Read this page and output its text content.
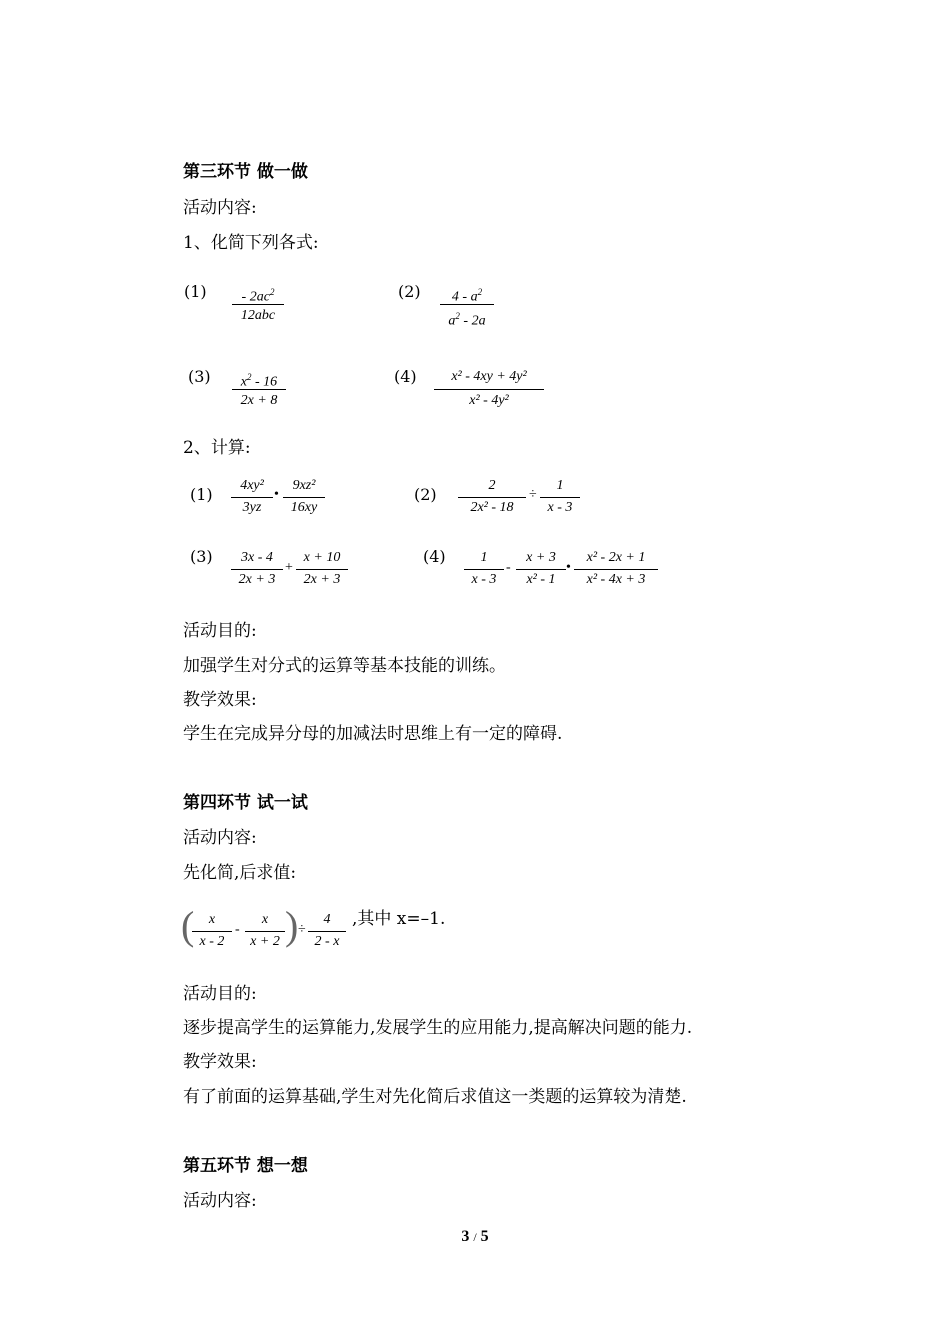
第三环节 做一做
活动内容:
1、化简下列各式:
(1)	- $2ac^2$
12abc
(2)	$4 - a^2$
$a^2 - 2a$
(3)	$x^2 - 16$
2x + 8
(4)	x² - 4xy + 4y²
x² - 4y²
2、计算:
(1)	4xy²
3yz
•
9xz²
16xy
(2)	2
2x² - 18
÷
1
x - 3
(3)	3x - 4
2x + 3
+
x + 10
2x + 3
(4)	1
x - 3
-
x + 3
x² - 1
•
x² - 2x + 1
x² - 4x + 3
活动目的:
加强学生对分式的运算等基本技能的训练。
教学效果:
学生在完成异分母的加减法时思维上有一定的障碍.
第四环节 试一试
活动内容:
先化简,后求值:
(	x
x - 2
-
x
x + 2 ) ÷
4
2 - x
,其中 x=–1.
活动目的:
逐步提高学生的运算能力,发展学生的应用能力,提高解决问题的能力.
教学效果:
有了前面的运算基础,学生对先化简后求值这一类题的运算较为清楚.
第五环节 想一想
活动内容:
3 / 5
